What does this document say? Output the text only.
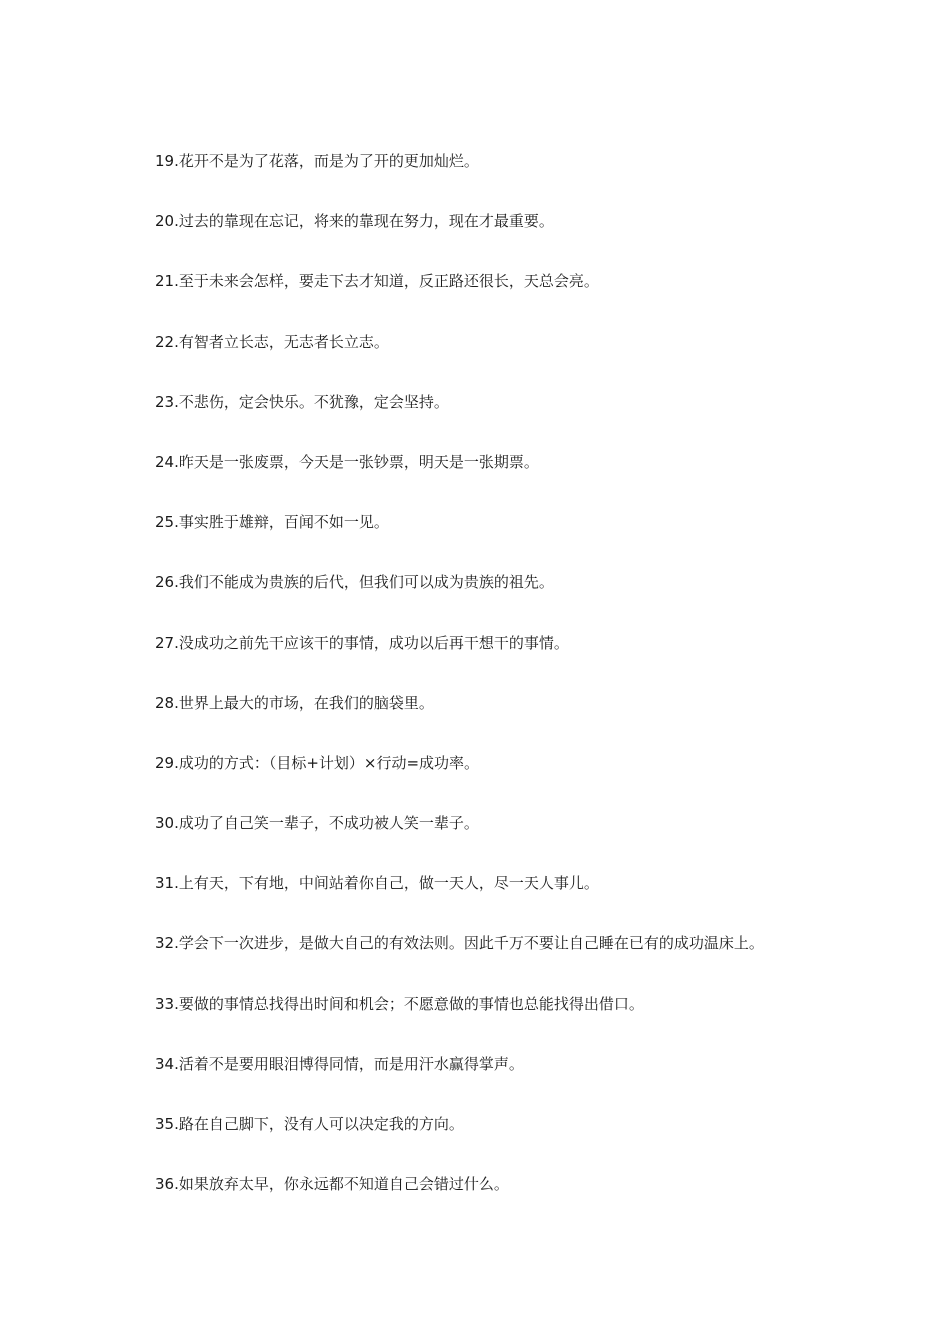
19.花开不是为了花落，而是为了开的更加灿烂。
20.过去的靠现在忘记，将来的靠现在努力，现在才最重要。
21.至于未来会怎样，要走下去才知道，反正路还很长，天总会亮。
22.有智者立长志，无志者长立志。
23.不悲伤，定会快乐。不犹豫，定会坚持。
24.昨天是一张废票，今天是一张钞票，明天是一张期票。
25.事实胜于雄辩，百闻不如一见。
26.我们不能成为贵族的后代，但我们可以成为贵族的祖先。
27.没成功之前先干应该干的事情，成功以后再干想干的事情。
28.世界上最大的市场，在我们的脑袋里。
29.成功的方式：（目标+计划）×行动=成功率。
30.成功了自己笑一辈子，不成功被人笑一辈子。
31.上有天，下有地，中间站着你自己，做一天人，尽一天人事儿。
32.学会下一次进步，是做大自己的有效法则。因此千万不要让自己睡在已有的成功温床上。
33.要做的事情总找得出时间和机会；不愿意做的事情也总能找得出借口。
34.活着不是要用眼泪博得同情，而是用汗水赢得掌声。
35.路在自己脚下，没有人可以决定我的方向。
36.如果放弃太早，你永远都不知道自己会错过什么。
